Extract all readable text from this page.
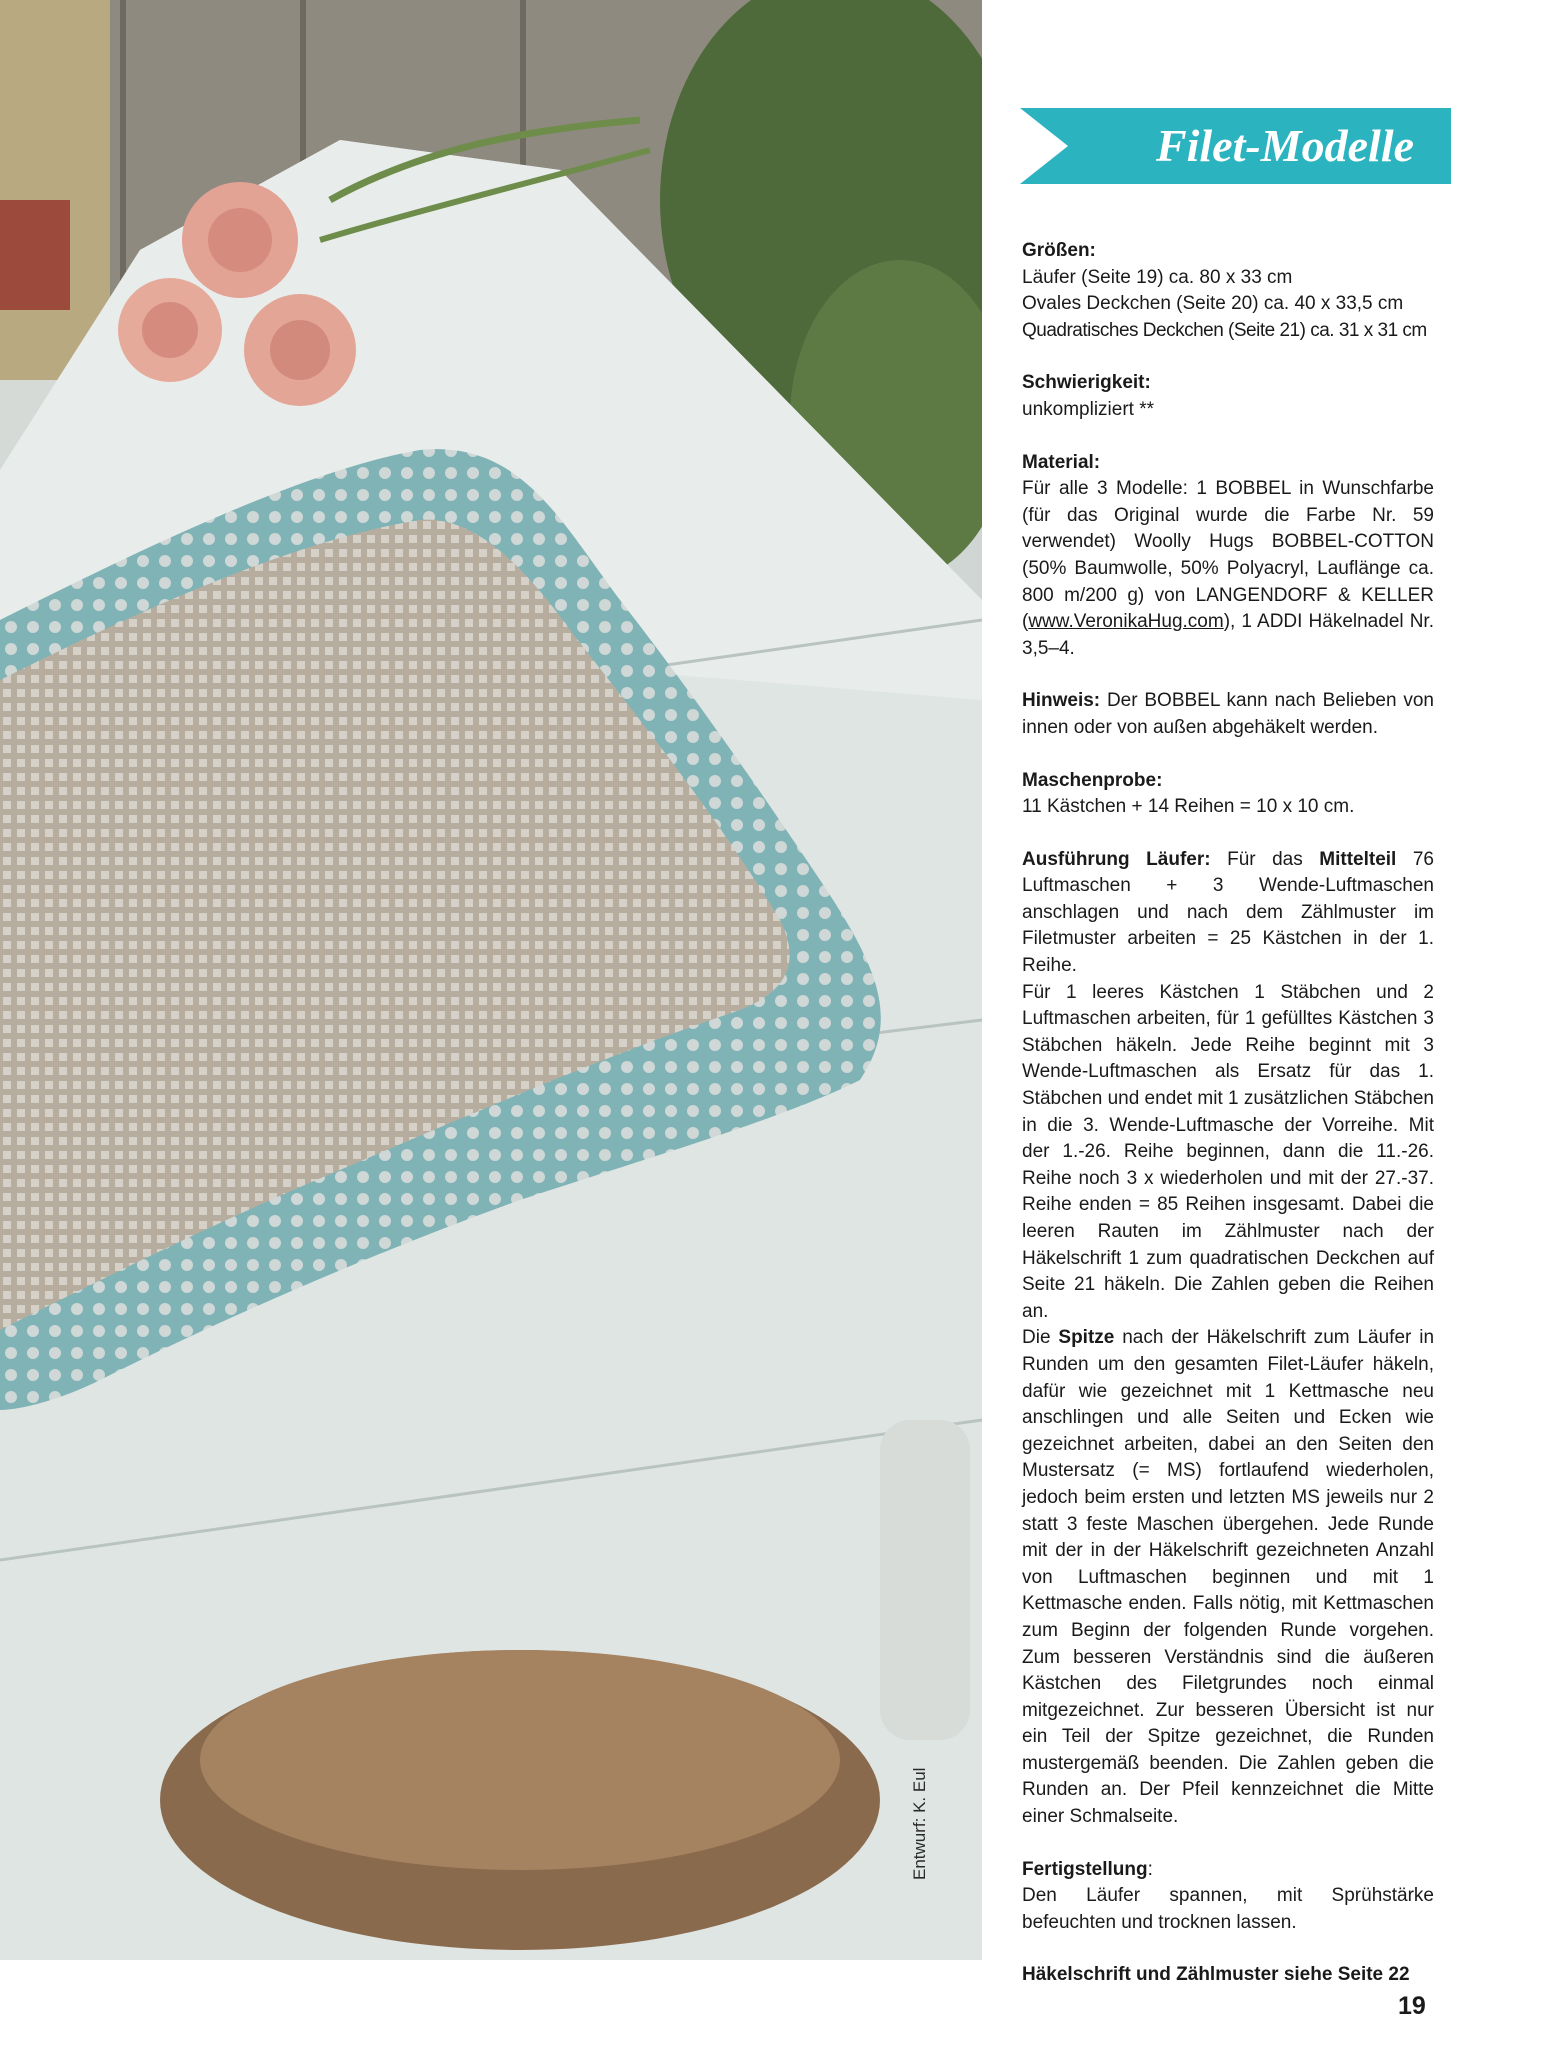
Entwurf: K. Eul
Filet-Modelle

Größen:

Läufer (Seite 19) ca. 80 x 33 cm

Ovales Deckchen (Seite 20) ca. 40 x 33,5 cm

Quadratisches Deckchen (Seite 21) ca. 31 x 31 cm

Schwierigkeit:

unkompliziert **

Material:

Für alle 3 Modelle: 1 BOBBEL in Wunschfarbe (für das Original wurde die Farbe Nr. 59 verwendet) Woolly Hugs BOBBEL-COTTON (50% Baumwolle, 50% Polyacryl, Lauflänge ca. 800 m/200 g) von LANGENDORF & KELLER (www.VeronikaHug.com), 1 ADDI Häkelnadel Nr. 3,5–4.

Hinweis: Der BOBBEL kann nach Belieben von innen oder von außen abgehäkelt werden.

Maschenprobe:

11 Kästchen + 14 Reihen = 10 x 10 cm.

Ausführung Läufer: Für das Mittelteil 76 Luftmaschen + 3 Wende-Luftmaschen anschlagen und nach dem Zählmuster im Filetmuster arbeiten = 25 Kästchen in der 1. Reihe.

Für 1 leeres Kästchen 1 Stäbchen und 2 Luftmaschen arbeiten, für 1 gefülltes Kästchen 3 Stäbchen häkeln. Jede Reihe beginnt mit 3 Wende-Luftmaschen als Ersatz für das 1. Stäbchen und endet mit 1 zusätzlichen Stäbchen in die 3. Wende-Luftmasche der Vorreihe. Mit der 1.-26. Reihe beginnen, dann die 11.-26. Reihe noch 3 x wiederholen und mit der 27.-37. Reihe enden = 85 Reihen insgesamt. Dabei die leeren Rauten im Zählmuster nach der Häkelschrift 1 zum quadratischen Deckchen auf Seite 21 häkeln. Die Zahlen geben die Reihen an.

Die Spitze nach der Häkelschrift zum Läufer in Runden um den gesamten Filet-Läufer häkeln, dafür wie gezeichnet mit 1 Kettmasche neu anschlingen und alle Seiten und Ecken wie gezeichnet arbeiten, dabei an den Seiten den Mustersatz (= MS) fortlaufend wiederholen, jedoch beim ersten und letzten MS jeweils nur 2 statt 3 feste Maschen übergehen. Jede Runde mit der in der Häkelschrift gezeichneten Anzahl von Luftmaschen beginnen und mit 1 Kettmasche enden. Falls nötig, mit Kettmaschen zum Beginn der folgenden Runde vorgehen. Zum besseren Verständnis sind die äußeren Kästchen des Filetgrundes noch einmal mitgezeichnet. Zur besseren Übersicht ist nur ein Teil der Spitze gezeichnet, die Runden mustergemäß beenden. Die Zahlen geben die Runden an. Der Pfeil kennzeichnet die Mitte einer Schmalseite.

Fertigstellung:

Den Läufer spannen, mit Sprühstärke befeuchten und trocknen lassen.

Häkelschrift und Zählmuster siehe Seite 22

19
